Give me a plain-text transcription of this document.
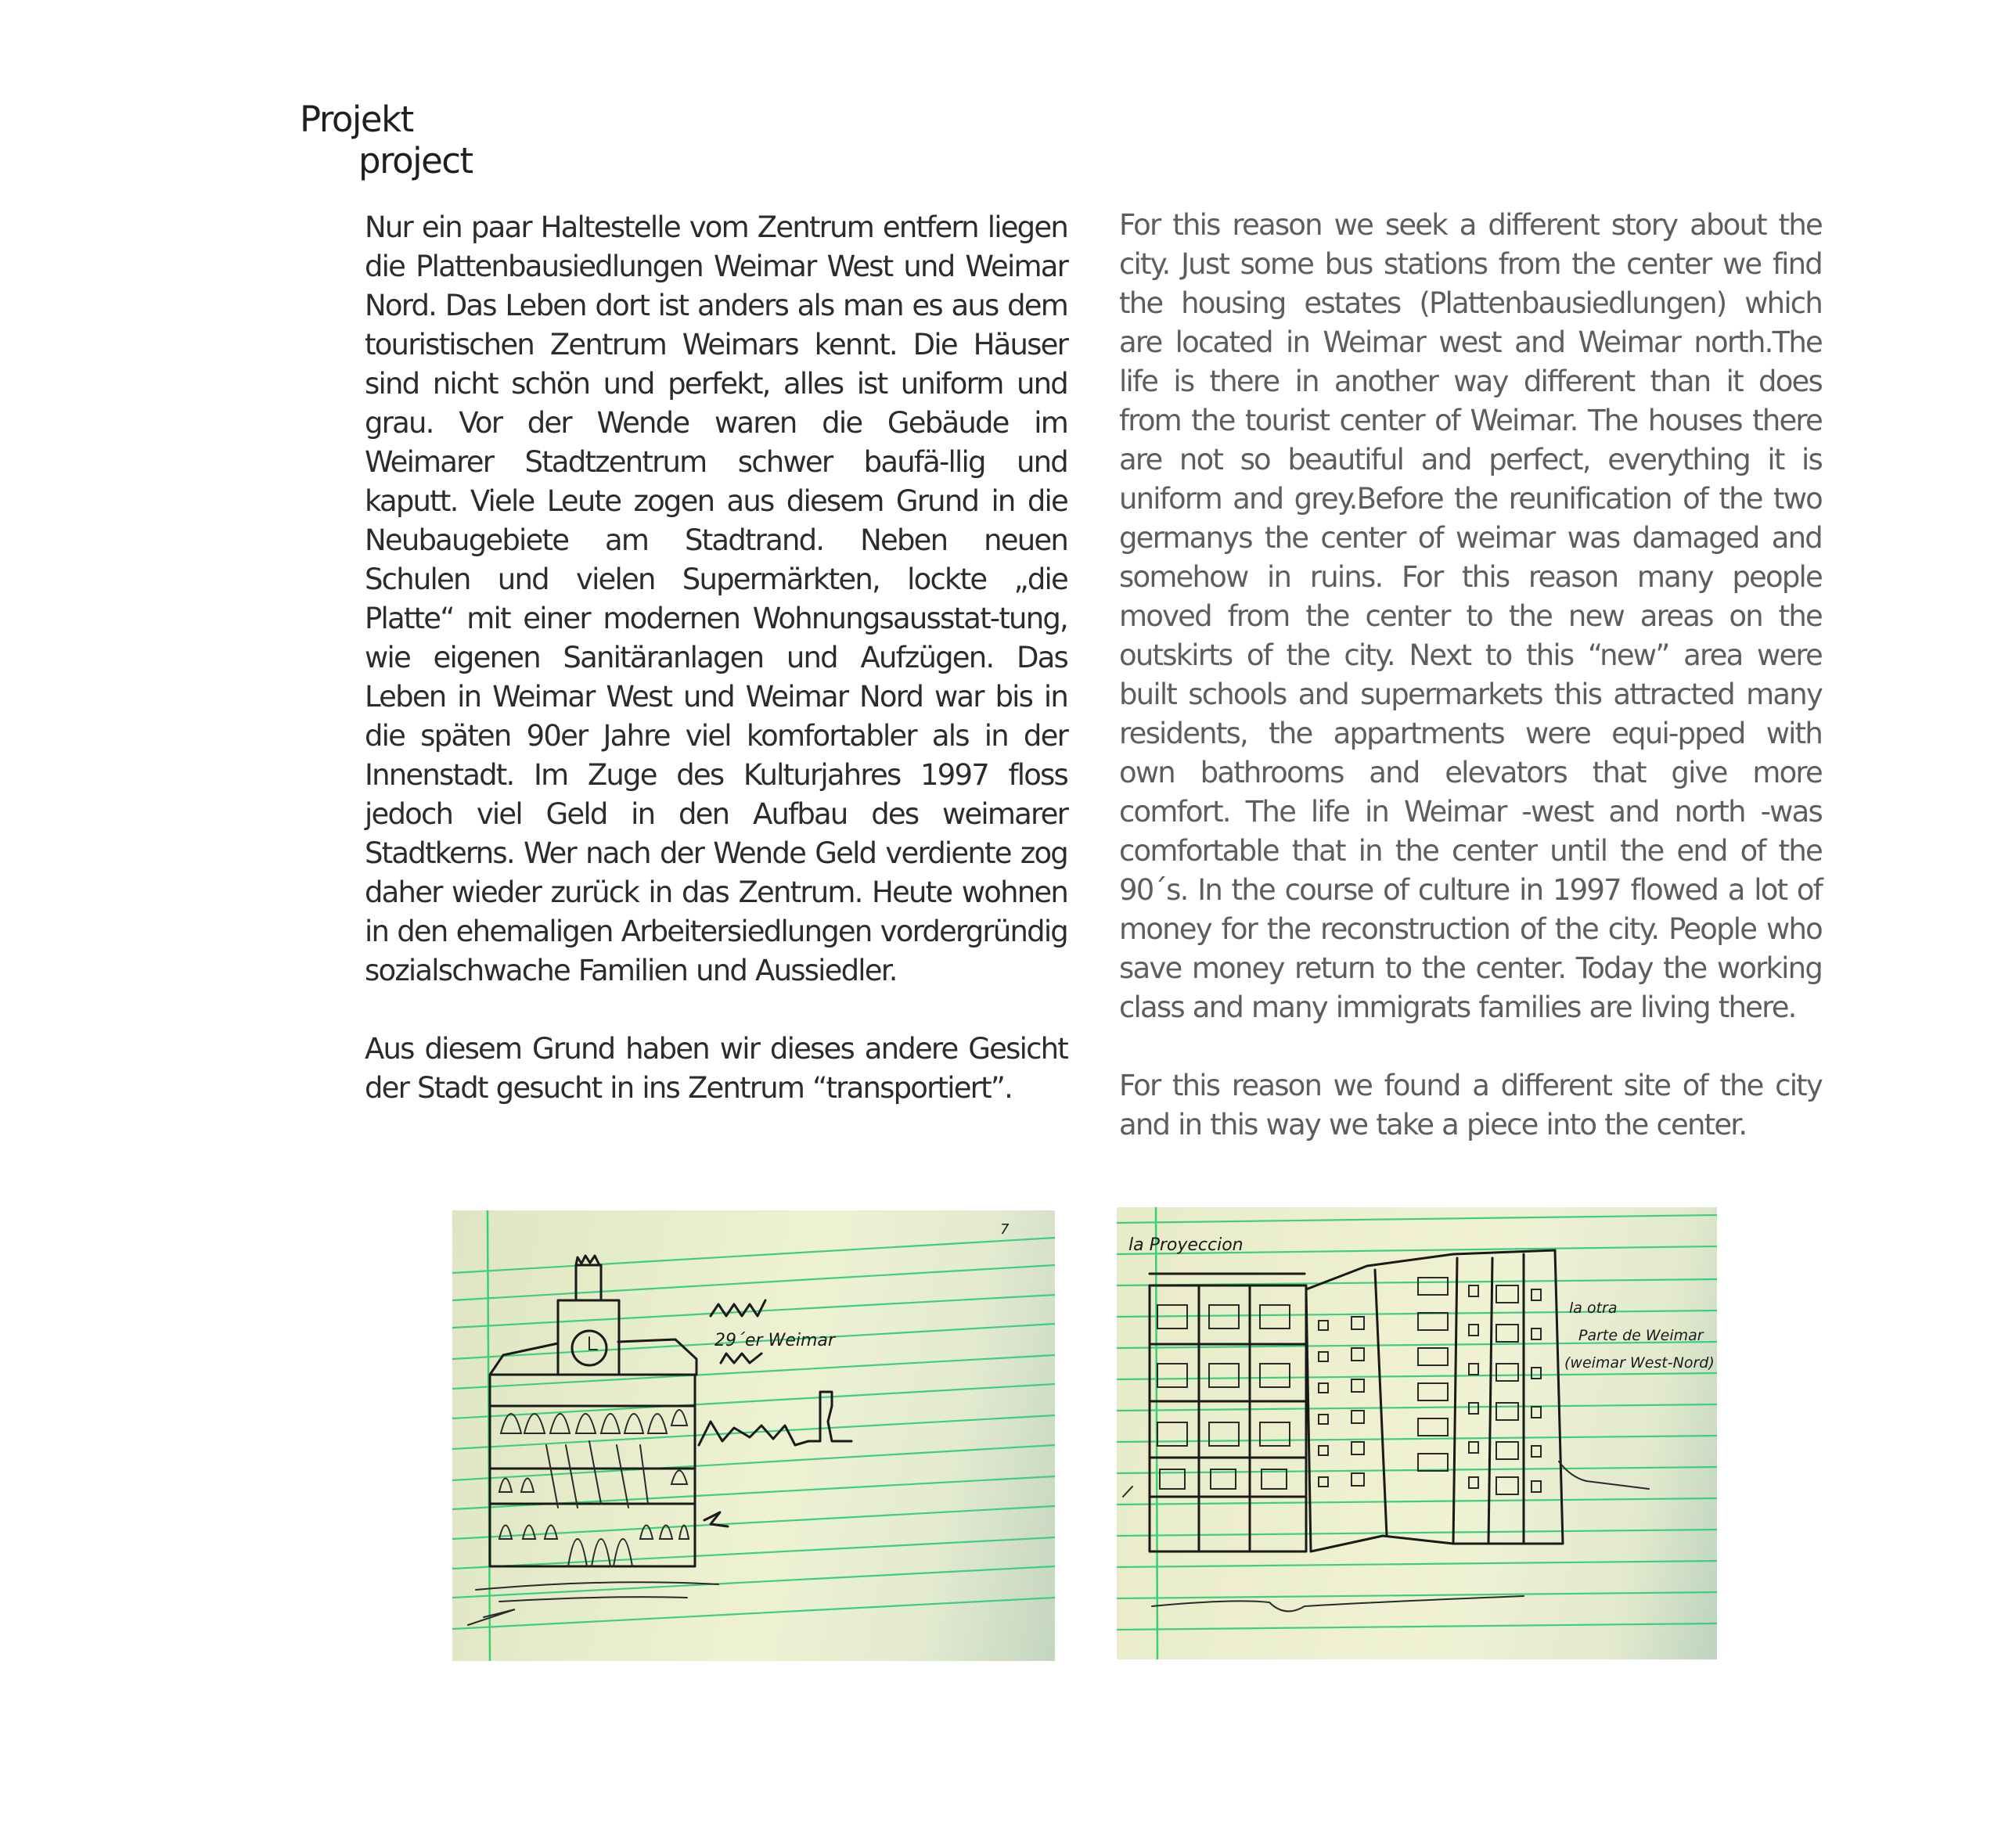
Projekt
project

Nur ein paar Haltestelle vom Zentrum entfern liegen die Plattenbausiedlungen Weimar West und Weimar Nord. Das Leben dort ist anders als man es aus dem touristischen Zentrum Weimars kennt. Die Häuser sind nicht schön und perfekt, alles ist uniform und grau. Vor der Wende waren die Gebäude im Weimarer Stadtzentrum schwer baufä-llig und kaputt. Viele Leute zogen aus diesem Grund in die Neubaugebiete am Stadtrand. Neben neuen Schulen und vielen Supermärkten, lockte „die Platte“ mit einer modernen Wohnungsausstat-tung, wie eigenen Sanitäranlagen und Aufzügen. Das Leben in Weimar West und Weimar Nord war bis in die späten 90er Jahre viel komfortabler als in der Innenstadt. Im Zuge des Kulturjahres 1997 floss jedoch viel Geld in den Aufbau des weimarer Stadtkerns. Wer nach der Wende Geld verdiente zog daher wieder zurück in das Zentrum. Heute wohnen in den ehemaligen Arbeitersiedlungen vordergründig sozialschwache Familien und Aussiedler.

Aus diesem Grund haben wir dieses andere Gesicht der Stadt gesucht in ins Zentrum “transportiert”.

For this reason we seek a different story about the city. Just some bus stations from the center we find the housing estates (Plattenbausiedlungen) which are located in Weimar west and Weimar north.The life is there in another way different than it does from the tourist center of Weimar. The houses there are not so beautiful and perfect, everything it is uniform and grey.Before the reunification of the two germanys the center of weimar was damaged and somehow in ruins. For this reason many people moved from the center to the new areas on the outskirts of the city. Next to this “new” area were built schools and supermarkets this attracted many residents, the appartments were equi-pped with own bathrooms and elevators that give more comfort. The life in Weimar -west and north -was comfortable that in the center until the end of the 90´s. In the course of culture in 1997 flowed a lot of money for the reconstruction of the city. People who save money return to the center. Today the working class and many immigrats families are living there.

For this reason we found a different site of the city and in this way we take a piece into the center.

29´er Weimar
7
la Proyeccion
la otra
Parte de Weimar
(weimar West-Nord)
